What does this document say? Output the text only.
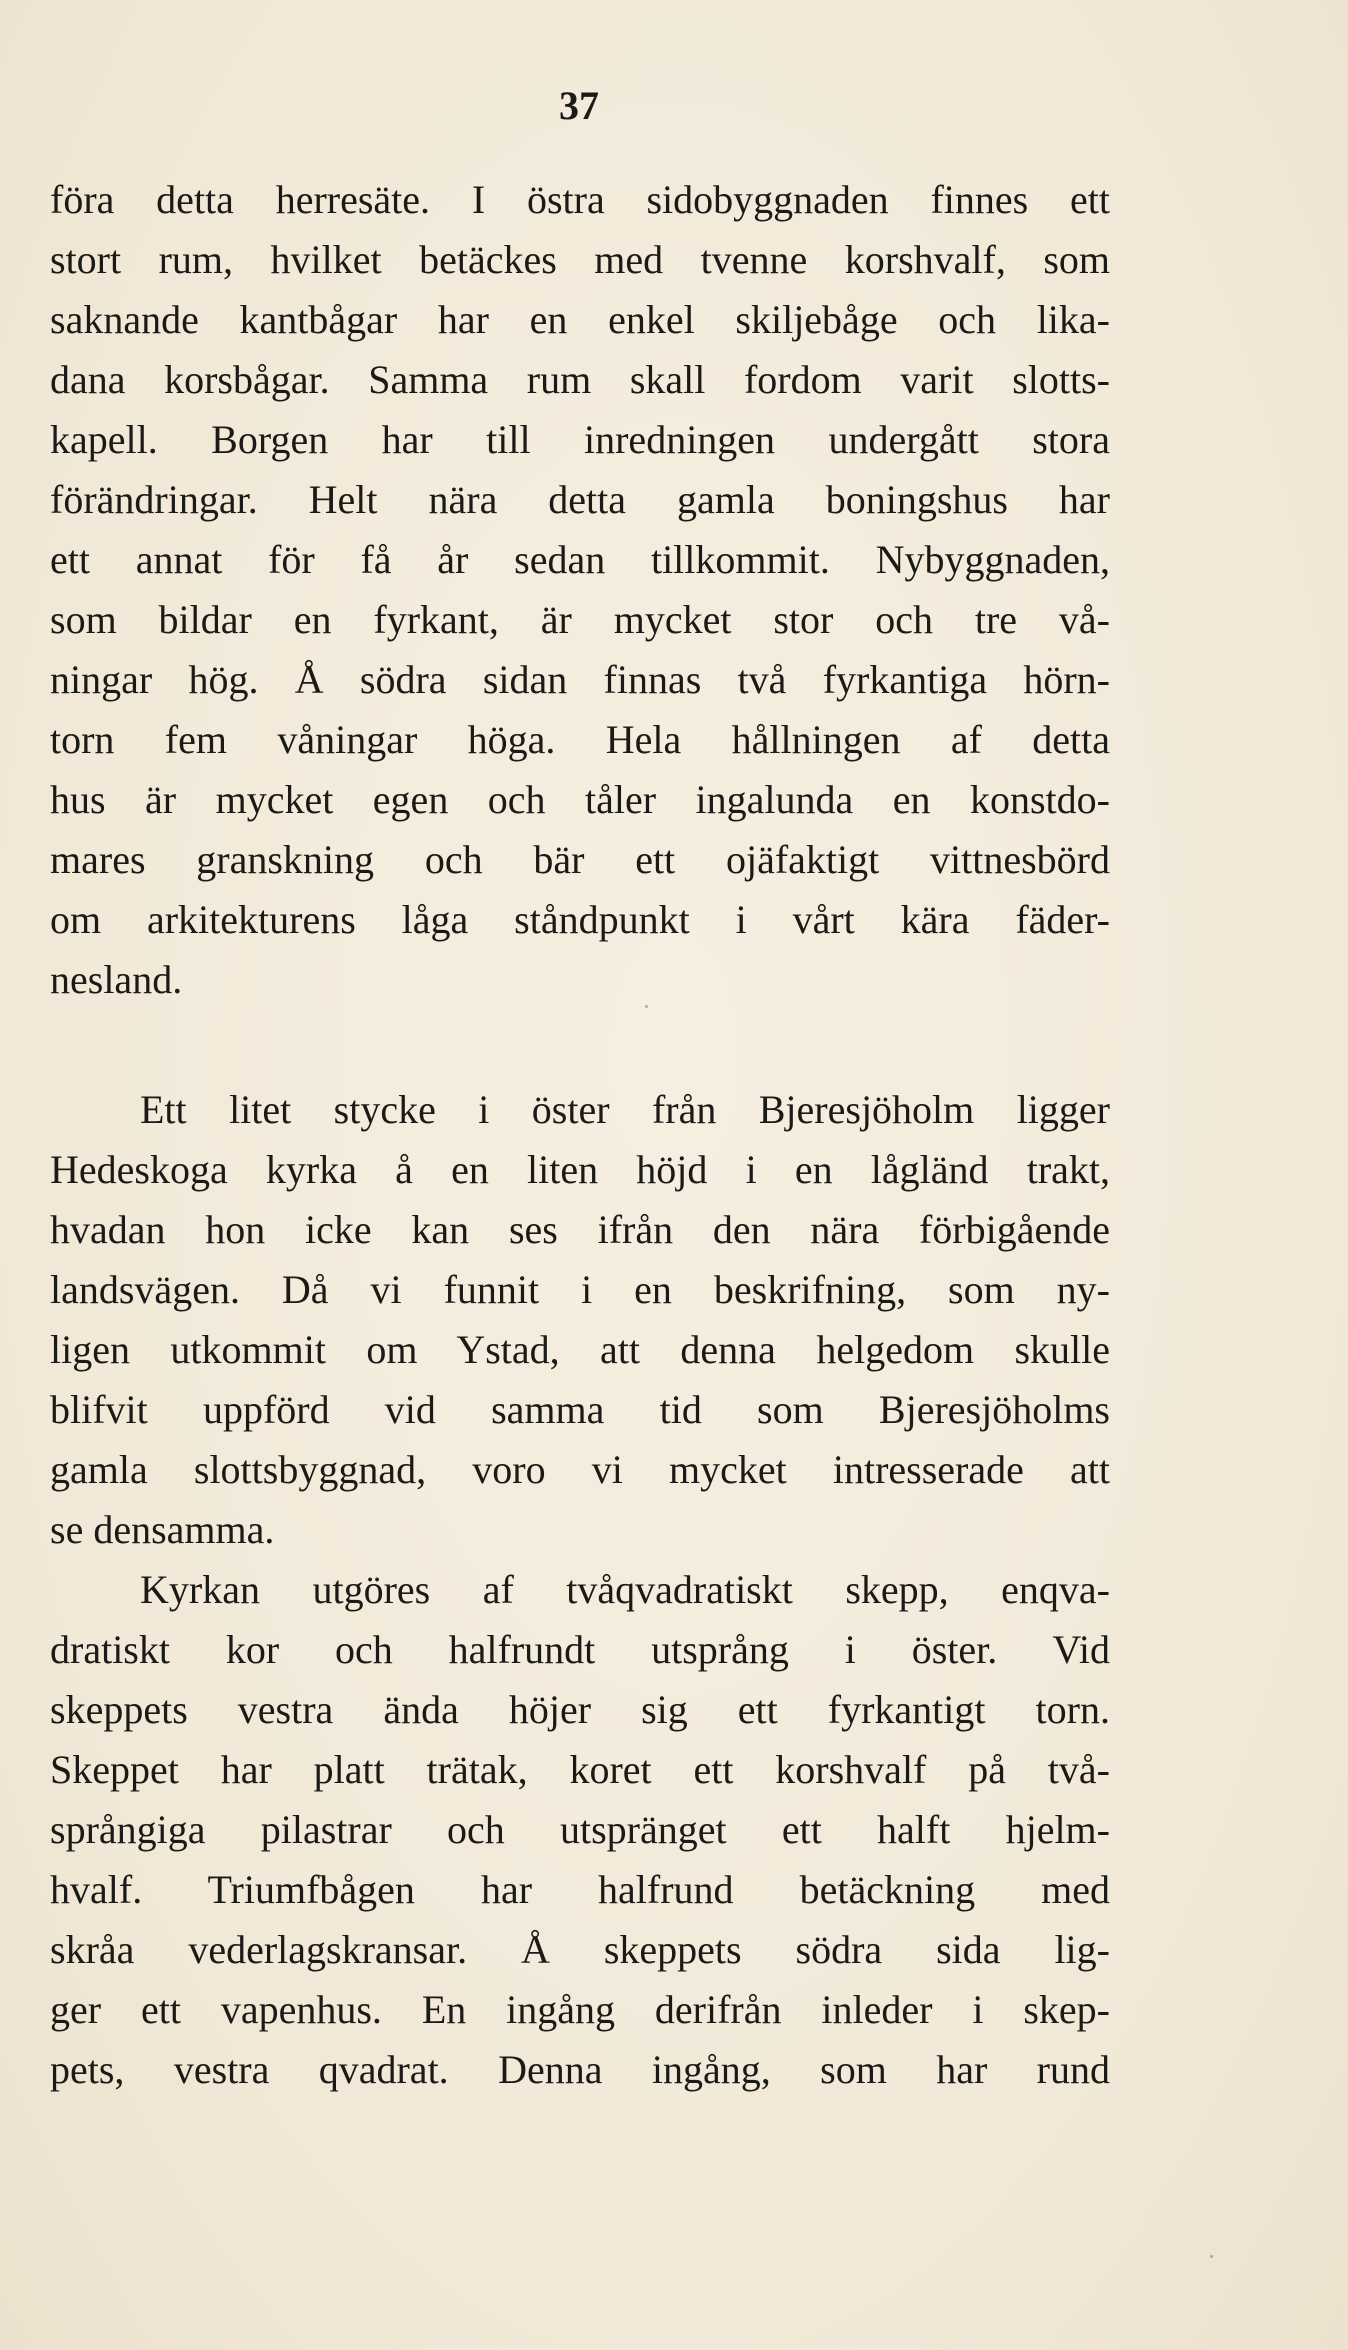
37
föra detta herresäte. I östra sidobyggnaden finnes ett
stort rum, hvilket betäckes med tvenne korshvalf, som
saknande kantbågar har en enkel skiljebåge och lika-
dana korsbågar. Samma rum skall fordom varit slotts-
kapell. Borgen har till inredningen undergått stora
förändringar. Helt nära detta gamla boningshus har
ett annat för få år sedan tillkommit. Nybyggnaden,
som bildar en fyrkant, är mycket stor och tre vå-
ningar hög. Å södra sidan finnas två fyrkantiga hörn-
torn fem våningar höga. Hela hållningen af detta
hus är mycket egen och tåler ingalunda en konstdo-
mares granskning och bär ett ojäfaktigt vittnesbörd
om arkitekturens låga ståndpunkt i vårt kära fäder-
nesland.
Ett litet stycke i öster från Bjeresjöholm ligger
Hedeskoga kyrka å en liten höjd i en lågländ trakt,
hvadan hon icke kan ses ifrån den nära förbigående
landsvägen. Då vi funnit i en beskrifning, som ny-
ligen utkommit om Ystad, att denna helgedom skulle
blifvit uppförd vid samma tid som Bjeresjöholms
gamla slottsbyggnad, voro vi mycket intresserade att
se densamma.
Kyrkan utgöres af tvåqvadratiskt skepp, enqva-
dratiskt kor och halfrundt utsprång i öster. Vid
skeppets vestra ända höjer sig ett fyrkantigt torn.
Skeppet har platt trätak, koret ett korshvalf på två-
språngiga pilastrar och utspränget ett halft hjelm-
hvalf. Triumfbågen har halfrund betäckning med
skråa vederlagskransar. Å skeppets södra sida lig-
ger ett vapenhus. En ingång derifrån inleder i skep-
pets, vestra qvadrat. Denna ingång, som har rund
